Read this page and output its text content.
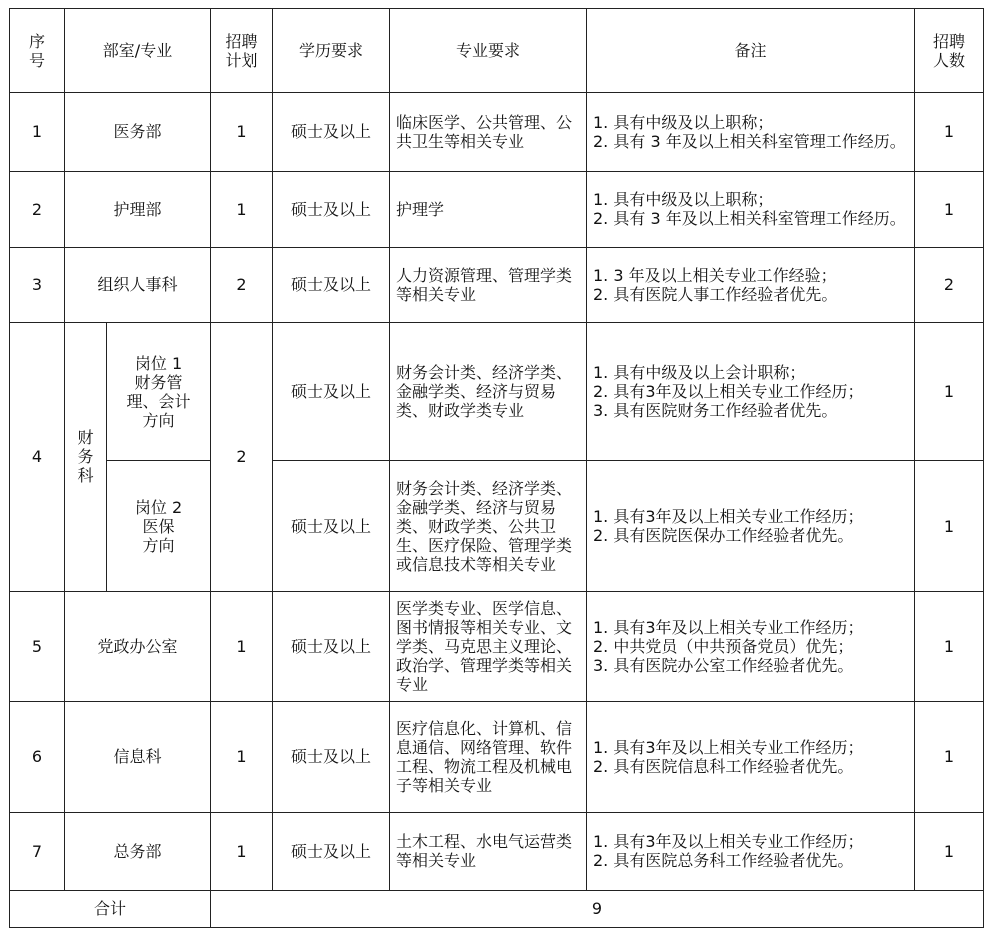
序
号	部室/专业		招聘
计划	学历要求	专业要求	备注	招聘
人数
1	医务部		1	硕士及以上	临床医学、公共管理、公共卫生等相关专业	1. 具有中级及以上职称；
2. 具有 3 年及以上相关科室管理工作经历。	1
2	护理部		1	硕士及以上	护理学	1. 具有中级及以上职称；
2. 具有 3 年及以上相关科室管理工作经历。	1
3	组织人事科		2	硕士及以上	人力资源管理、管理学类等相关专业	1. 3 年及以上相关专业工作经验；
2. 具有医院人事工作经验者优先。	2
4	财
务
科	岗位 1
财务管
理、会计
方向	2	硕士及以上	财务会计类、经济学类、金融学类、经济与贸易类、财政学类专业	1. 具有中级及以上会计职称；
2. 具有3年及以上相关专业工作经历；
3. 具有医院财务工作经验者优先。	1
		岗位 2
医保
方向		硕士及以上	财务会计类、经济学类、金融学类、经济与贸易类、财政学类、公共卫生、医疗保险、管理学类或信息技术等相关专业	1. 具有3年及以上相关专业工作经历；
2. 具有医院医保办工作经验者优先。	1
5	党政办公室		1	硕士及以上	医学类专业、医学信息、图书情报等相关专业、文学类、马克思主义理论、政治学、管理学类等相关专业	1. 具有3年及以上相关专业工作经历；
2. 中共党员（中共预备党员）优先；
3. 具有医院办公室工作经验者优先。	1
6	信息科		1	硕士及以上	医疗信息化、计算机、信息通信、网络管理、软件工程、物流工程及机械电子等相关专业	1. 具有3年及以上相关专业工作经历；
2. 具有医院信息科工作经验者优先。	1
7	总务部		1	硕士及以上	土木工程、水电气运营类等相关专业	1. 具有3年及以上相关专业工作经历；
2. 具有医院总务科工作经验者优先。	1
合计			9				
